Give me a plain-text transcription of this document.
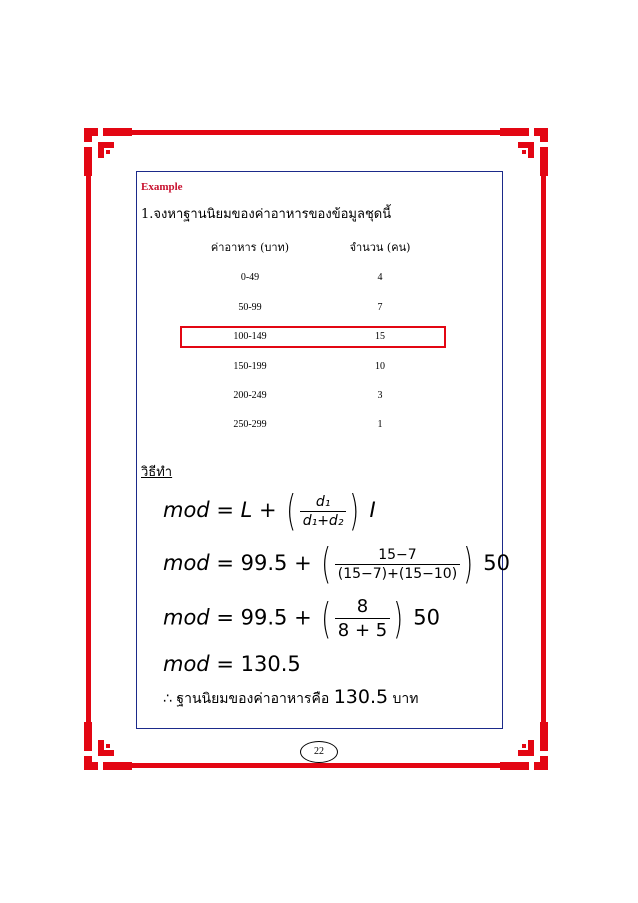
Example
1.จงหาฐานนิยมของค่าอาหารของข้อมูลชุดนี้
ค่าอาหาร (บาท)	จำนวน (คน)
0-49	4
50-99	7
100-149	15
150-199	10
200-249	3
250-299	1
วิธีทำ
mod = L + ( $\frac{\text{d₁}}{\text{d₁+d₂}}$ ) I
mod = 99.5 + ( $\frac{15-7}{(15-7)+(15-10)}$ ) 50
mod = 99.5 + ( $\frac{8}{8 + 5}$ ) 50
mod = 130.5
∴ ฐานนิยมของค่าอาหารคือ 130.5 บาท
22
